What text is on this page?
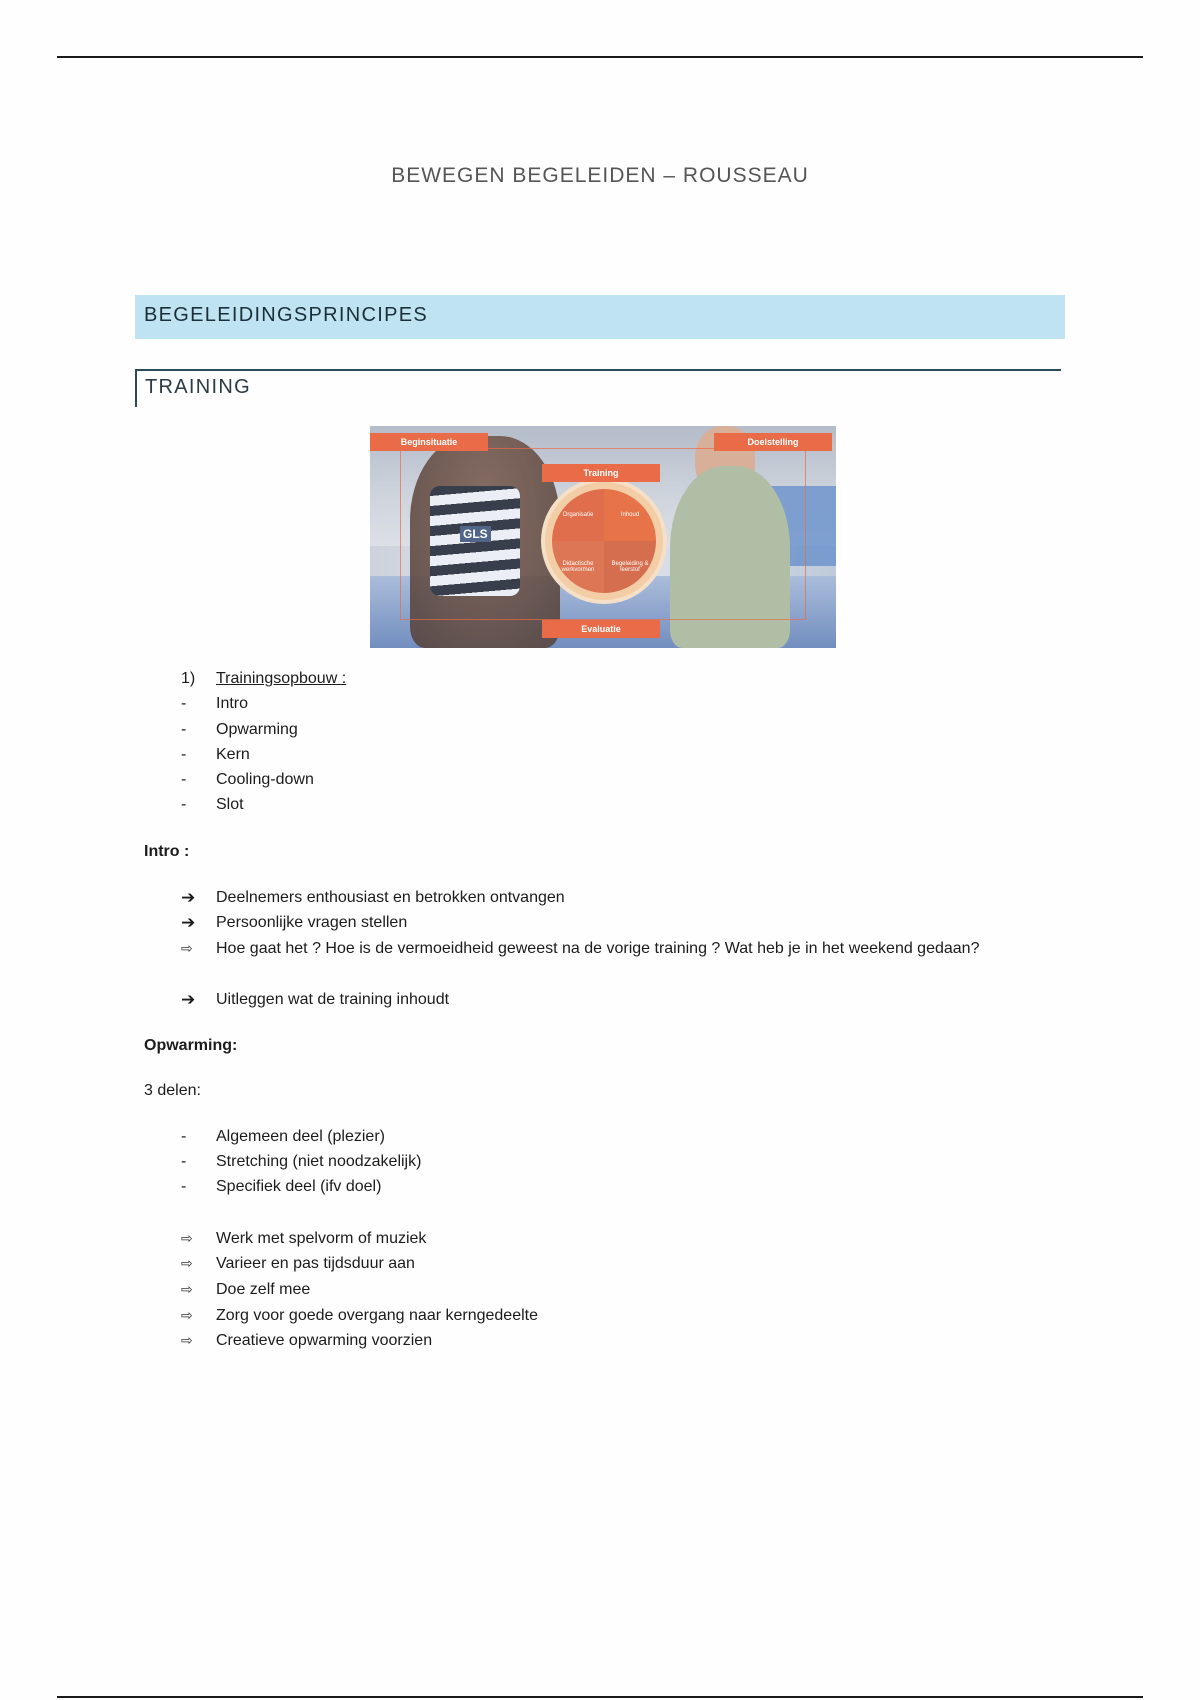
BEWEGEN BEGELEIDEN – ROUSSEAU
BEGELEIDINGSPRINCIPES
TRAINING
GLS
Organisatie	Inhoud
Didactische werkvormen
Begeleiding & leerstof
Beginsituatie	Doelstelling
Training
Evaluatie
1) Trainingsopbouw :
- Intro
- Opwarming
- Kern
- Cooling-down
- Slot
Intro :
➔ Deelnemers enthousiast en betrokken ontvangen
➔ Persoonlijke vragen stellen
⇨ Hoe gaat het ? Hoe is de vermoeidheid geweest na de vorige training ? Wat heb je in het weekend gedaan?
➔ Uitleggen wat de training inhoudt
Opwarming:
3 delen:
- Algemeen deel (plezier)
- Stretching (niet noodzakelijk)
- Specifiek deel (ifv doel)
⇨ Werk met spelvorm of muziek
⇨ Varieer en pas tijdsduur aan
⇨ Doe zelf mee
⇨ Zorg voor goede overgang naar kerngedeelte
⇨ Creatieve opwarming voorzien
